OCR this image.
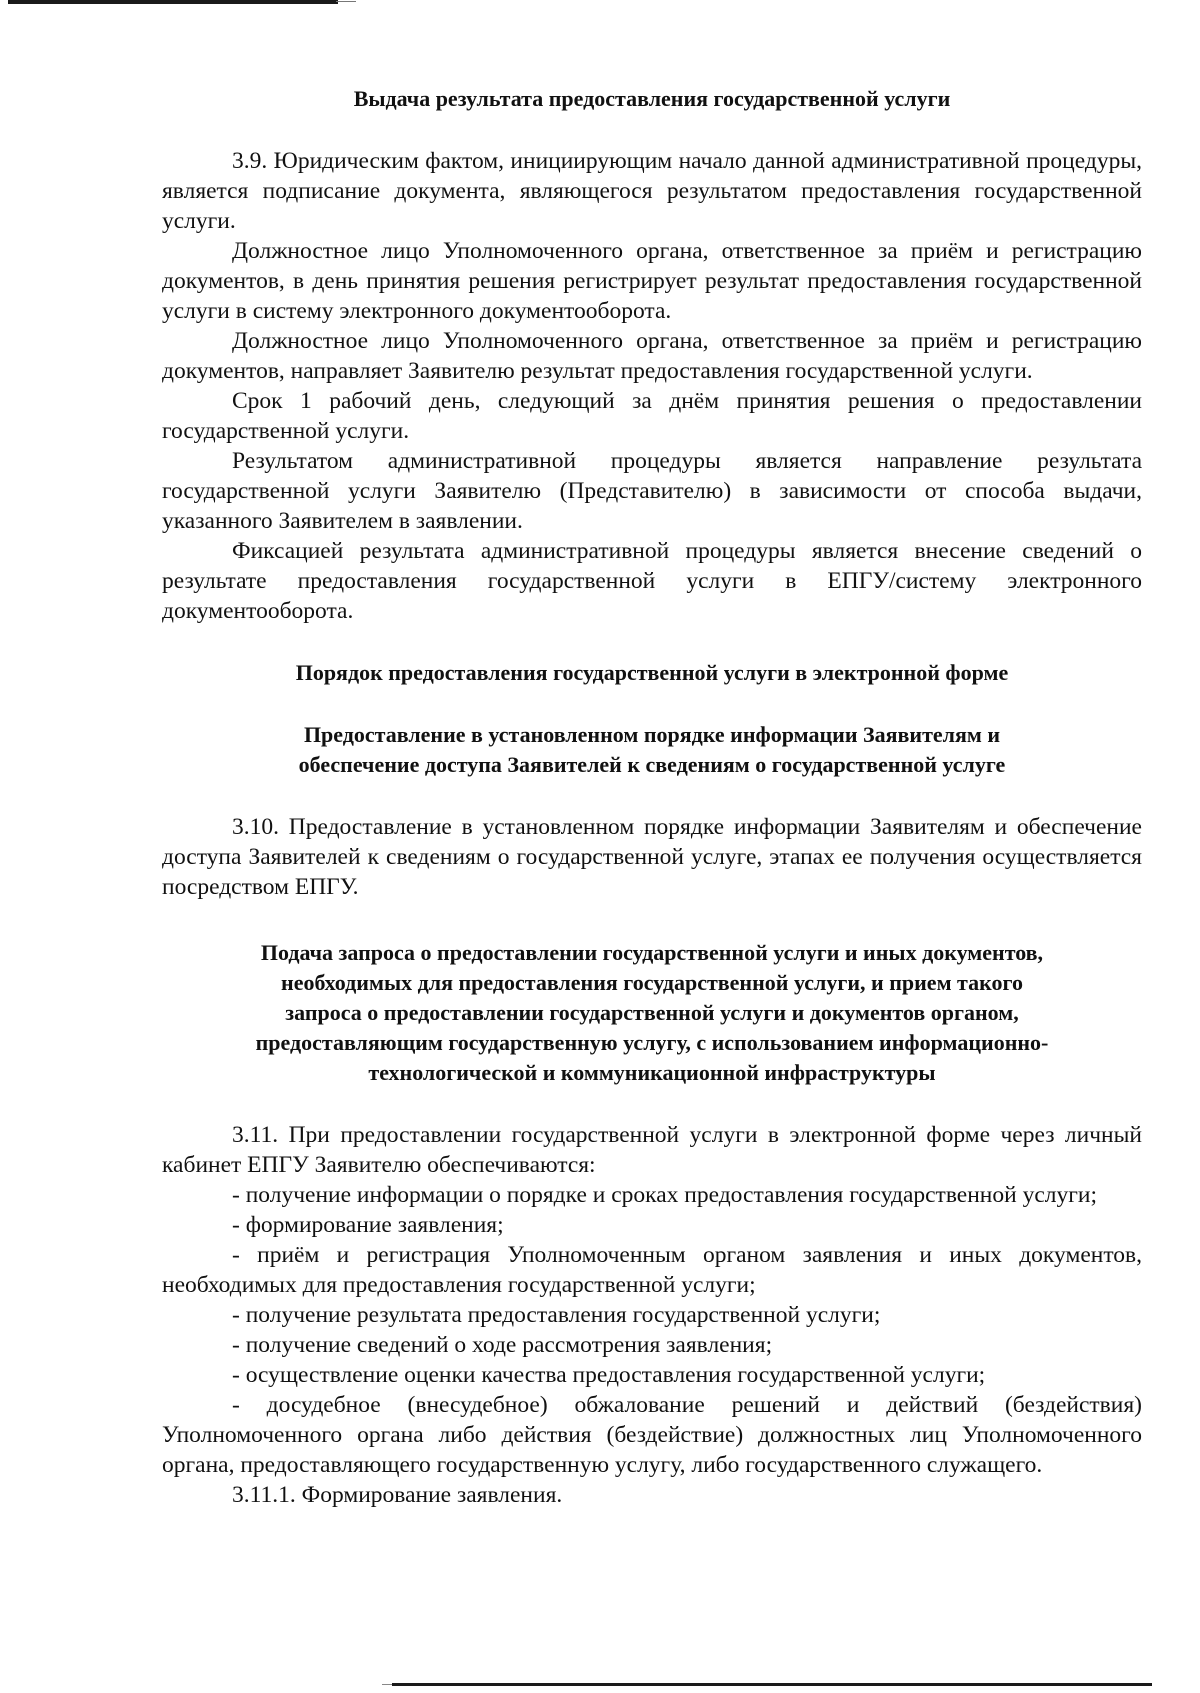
Выдача результата предоставления государственной услуги

3.9. Юридическим фактом, инициирующим начало данной административной процедуры, является подписание документа, являющегося результатом предоставления государственной услуги.

Должностное лицо Уполномоченного органа, ответственное за приём и регистрацию документов, в день принятия решения регистрирует результат предоставления государственной услуги в систему электронного документооборота.

Должностное лицо Уполномоченного органа, ответственное за приём и регистрацию документов, направляет Заявителю результат предоставления государственной услуги.

Срок 1 рабочий день, следующий за днём принятия решения о предоставлении государственной услуги.

Результатом административной процедуры является направление результата государственной услуги Заявителю (Представителю) в зависимости от способа выдачи, указанного Заявителем в заявлении.

Фиксацией результата административной процедуры является внесение сведений о результате предоставления государственной услуги в ЕПГУ/систему электронного документооборота.

Порядок предоставления государственной услуги в электронной форме

Предоставление в установленном порядке информации Заявителям и

обеспечение доступа Заявителей к сведениям о государственной услуге

3.10. Предоставление в установленном порядке информации Заявителям и обеспечение доступа Заявителей к сведениям о государственной услуге, этапах ее получения осуществляется посредством ЕПГУ.

Подача запроса о предоставлении государственной услуги и иных документов,

необходимых для предоставления государственной услуги, и прием такого

запроса о предоставлении государственной услуги и документов органом,

предоставляющим государственную услугу, с использованием информационно-

технологической и коммуникационной инфраструктуры

3.11. При предоставлении государственной услуги в электронной форме через личный кабинет ЕПГУ Заявителю обеспечиваются:

- получение информации о порядке и сроках предоставления государственной услуги;

- формирование заявления;

- приём и регистрация Уполномоченным органом заявления и иных документов, необходимых для предоставления государственной услуги;

- получение результата предоставления государственной услуги;

- получение сведений о ходе рассмотрения заявления;

- осуществление оценки качества предоставления государственной услуги;

- досудебное (внесудебное) обжалование решений и действий (бездействия) Уполномоченного органа либо действия (бездействие) должностных лиц Уполномоченного органа, предоставляющего государственную услугу, либо государственного служащего.

3.11.1. Формирование заявления.
